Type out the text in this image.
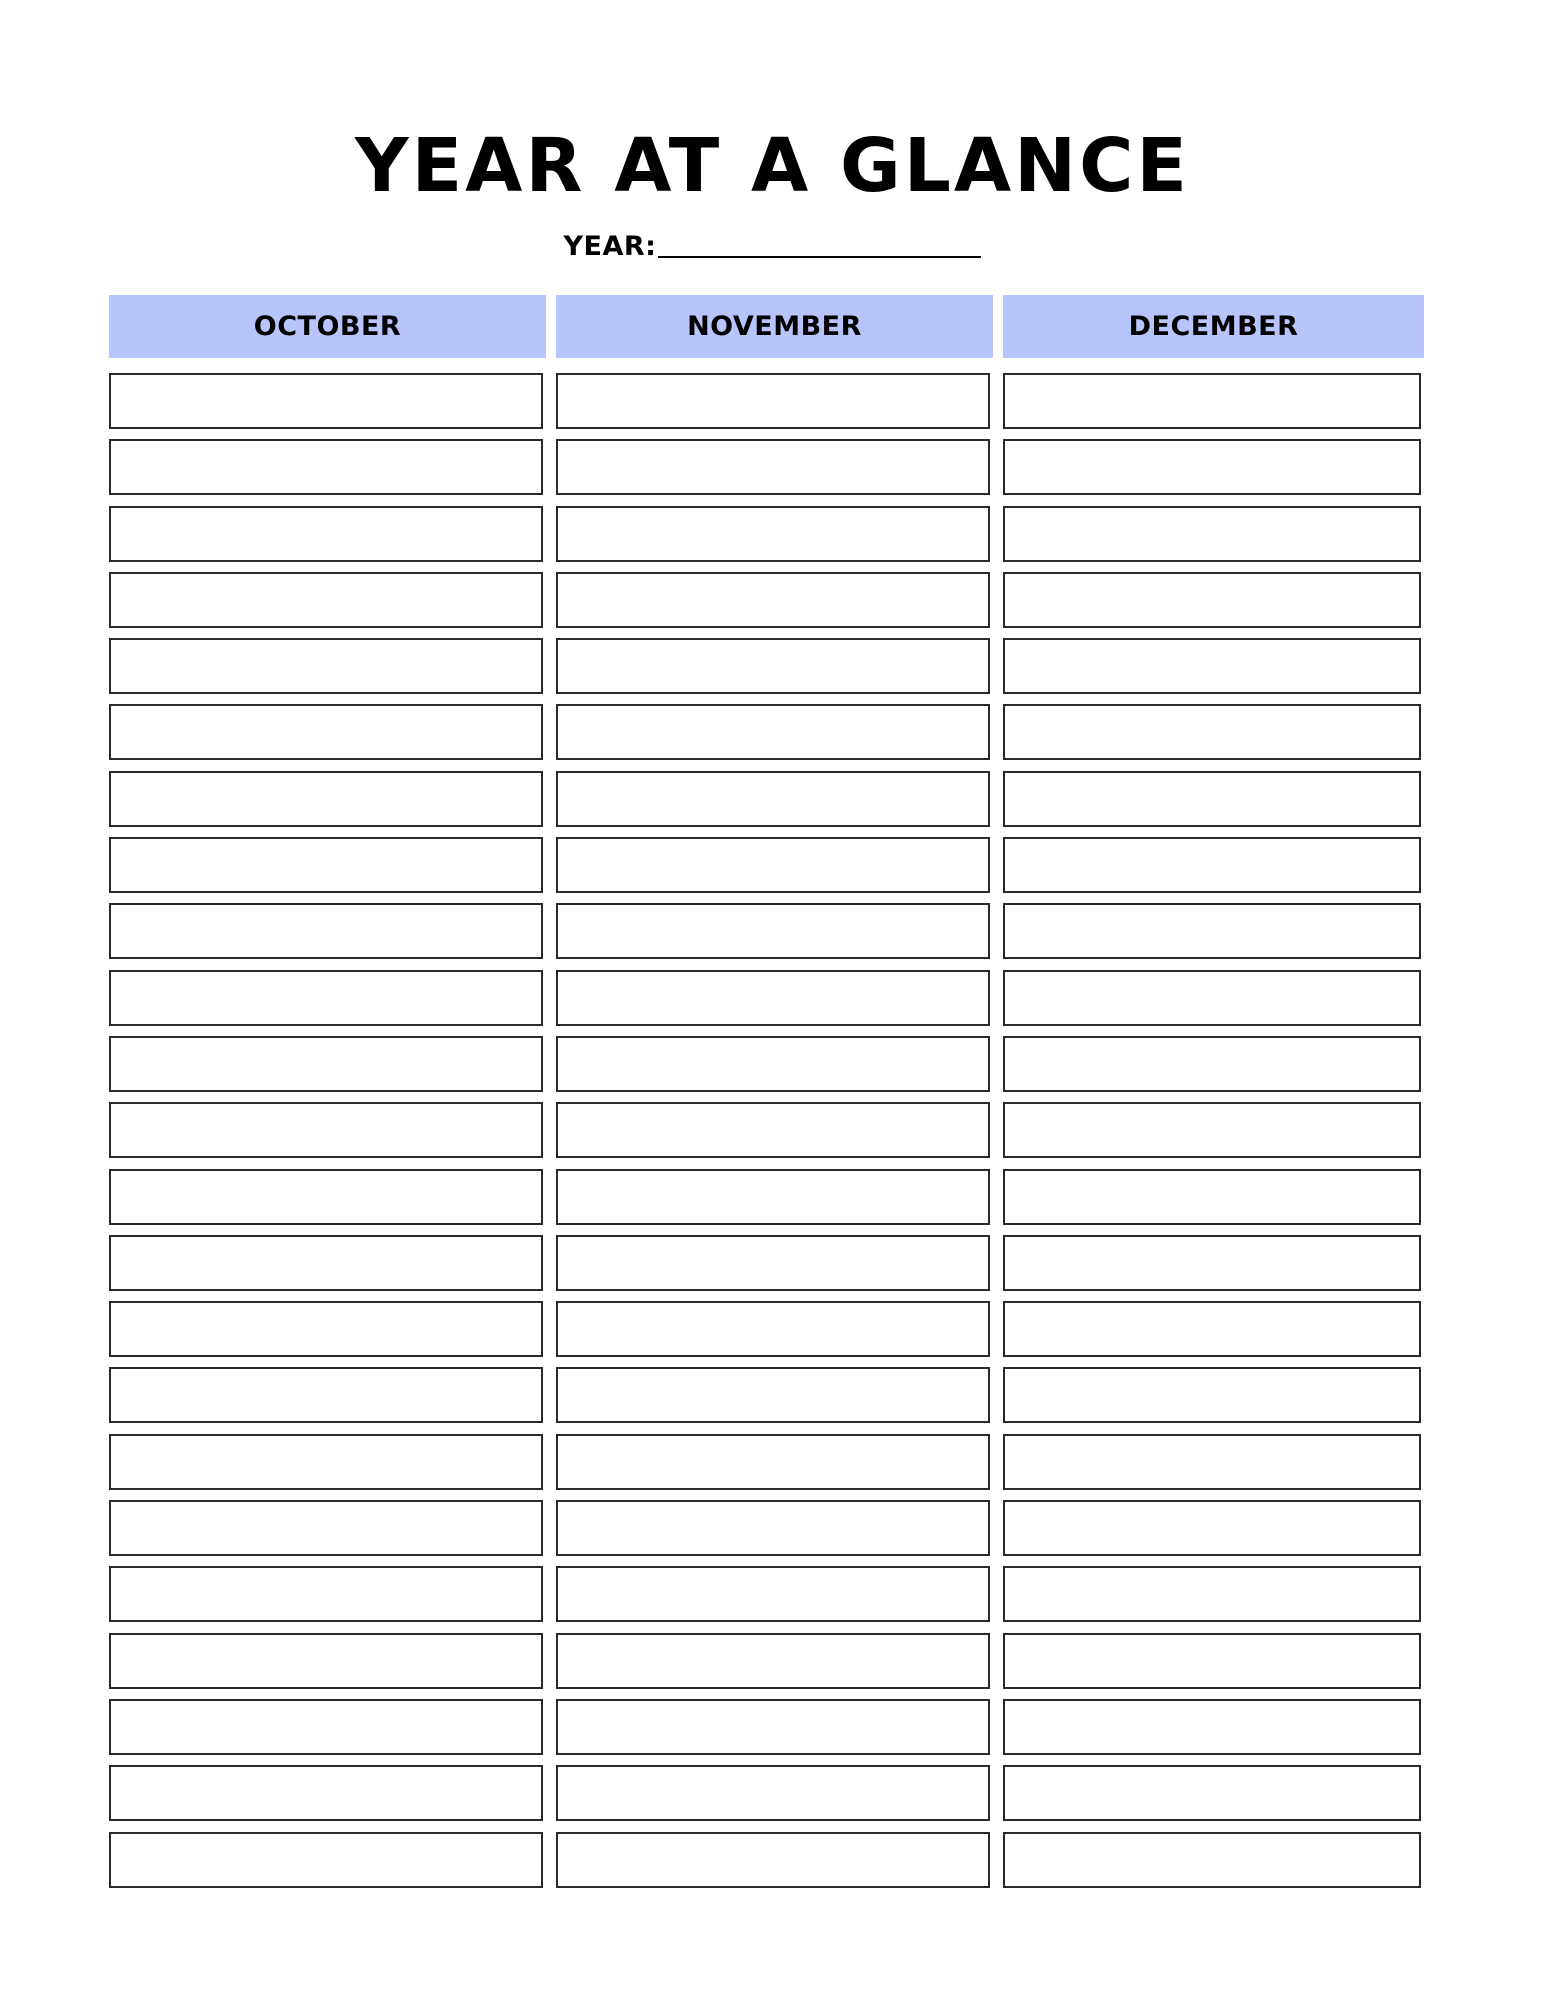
YEAR AT A GLANCE
YEAR:
OCTOBER	NOVEMBER	DECEMBER
